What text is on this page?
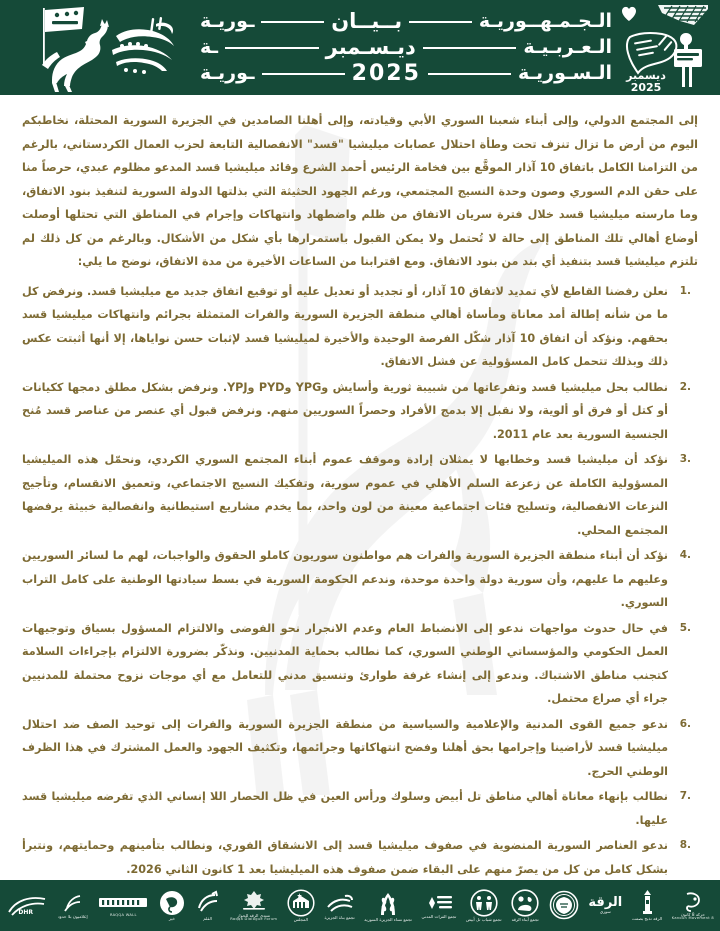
الـجـمـهـ‍ـوريـة
بــيــان
ـوريـة
الـعـربـيـة
ديـسـمبر
ـة
الـسـوريـة
2025
ـوريـة	ديسمبر
2025

إلى المجتمع الدولي، وإلى أبناء شعبنا السوري الأبي وقيادته، وإلى أهلنا الصامدين في الجزيرة السورية المحتلة، نخاطبكم اليوم من أرض ما تزال تنزف تحت وطأة احتلال عصابات ميليشيا "قسد" الانفصالية التابعة لحزب العمال الكردستاني، بالرغم من التزامنا الكامل باتفاق 10 آذار الموقَّع بين فخامة الرئيس أحمد الشرع وقائد ميليشيا قسد المدعو مظلوم عبدي، حرصاً منا على حقن الدم السوري وصون وحدة النسيج المجتمعي، ورغم الجهود الحثيثة التي بذلتها الدولة السورية لتنفيذ بنود الاتفاق، وما مارسته ميليشيا قسد خلال فترة سريان الاتفاق من ظلم واضطهاد وانتهاكات وإجرام في المناطق التي تحتلها أوصلت أوضاع أهالي تلك المناطق إلى حالة لا تُحتمل ولا يمكن القبول باستمرارها بأي شكل من الأشكال. وبالرغم من كل ذلك لم تلتزم ميليشيا قسد بتنفيذ أي بند من بنود الاتفاق. ومع اقترابنا من الساعات الأخيرة من مدة الاتفاق، نوضح ما يلي:

نعلن رفضنا القاطع لأي تمديد لاتفاق 10 آذار، أو تجديد أو تعديل عليه أو توقيع اتفاق جديد مع ميليشيا قسد. ونرفض كل ما من شأنه إطالة أمد معاناة ومأساة أهالي منطقة الجزيرة السورية والفرات المتمثلة بجرائم وانتهاكات ميليشيا قسد بحقهم. ونؤكد أن اتفاق 10 آذار شكّل الفرصة الوحيدة والأخيرة لميليشيا قسد لإثبات حسن نواياها، إلا أنها أثبتت عكس ذلك وبذلك تتحمل كامل المسؤولية عن فشل الاتفاق.
نطالب بحل ميليشيا قسد وتفرعاتها من شبيبة ثورية وأسايش وYPG وPYD وYPJ. ونرفض بشكل مطلق دمجها ككيانات أو كتل أو فرق أو ألوية، ولا نقبل إلا بدمج الأفراد وحصراً السوريين منهم. ونرفض قبول أي عنصر من عناصر قسد مُنح الجنسية السورية بعد عام 2011.
نؤكد أن ميليشيا قسد وخطابها لا يمثلان إرادة وموقف عموم أبناء المجتمع السوري الكردي، ونحمّل هذه الميليشيا المسؤولية الكاملة عن زعزعة السلم الأهلي في عموم سورية، وتفكيك النسيج الاجتماعي، وتعميق الانقسام، وتأجيج النزعات الانفصالية، وتسليح فئات اجتماعية معينة من لون واحد، بما يخدم مشاريع استيطانية وانفصالية خبيثة يرفضها المجتمع المحلي.
نؤكد أن أبناء منطقة الجزيرة السورية والفرات هم مواطنون سوريون كاملو الحقوق والواجبات، لهم ما لسائر السوريين وعليهم ما عليهم، وأن سورية دولة واحدة موحدة، وندعم الحكومة السورية في بسط سيادتها الوطنية على كامل التراب السوري.
في حال حدوث مواجهات ندعو إلى الانضباط العام وعدم الانجرار نحو الفوضى والالتزام المسؤول بسياق وتوجيهات العمل الحكومي والمؤسساتي الوطني السوري، كما نطالب بحماية المدنيين. ونذكّر بضرورة الالتزام بإجراءات السلامة كتجنب مناطق الاشتباك. وندعو إلى إنشاء غرفة طوارئ وتنسيق مدني للتعامل مع أي موجات نزوح محتملة للمدنيين جراء أي صراع محتمل.
ندعو جميع القوى المدنية والإعلامية والسياسية من منطقة الجزيرة السورية والفرات إلى توحيد الصف ضد احتلال ميليشيا قسد لأراضينا وإجرامها بحق أهلنا وفضح انتهاكاتها وجرائمها، وتكثيف الجهود والعمل المشترك في هذا الظرف الوطني الحرج.
نطالب بإنهاء معاناة أهالي مناطق تل أبيض وسلوك ورأس العين في ظل الحصار اللا إنساني الذي تفرضه ميليشيا قسد عليها.
ندعو العناصر السورية المنضوية في صفوف ميليشيا قسد إلى الانشقاق الفوري، ونطالب بتأمينهم وحمايتهم، ونتبرأ بشكل كامل من كل من يصرّ منهم على البقاء ضمن صفوف هذه الميليشيا بعد 1 كانون الثاني 2026.
حركة 8 كانون
8 Kanoun Movement
الرقة تذبح بصمت
الرقة
سوري
تجمع أبناء الرقة
تجمع شباب تل أبيض
تجمع الفرات المدني
تجمع نساء الجزيرة السورية
تجمع بناة الجزيرة
المجلس
منتدى الرقة للحوار
Raqqa Dialogue Forum
القلم
خير
RAQQA WALL
إعلاميون بلا حدود
DHR
